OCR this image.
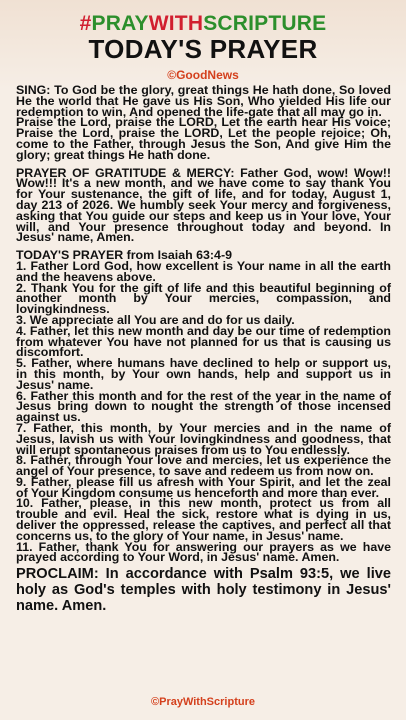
#PRAYWITHSCRIPTURE
TODAY'S PRAYER
©GoodNews

SING: To God be the glory, great things He hath done, So loved He the world that He gave us His Son, Who yielded His life our redemption to win, And opened the life-gate that all may go in.

Praise the Lord, praise the LORD, Let the earth hear His voice; Praise the Lord, praise the LORD, Let the people rejoice; Oh, come to the Father, through Jesus the Son, And give Him the glory; great things He hath done.

PRAYER OF GRATITUDE & MERCY: Father God, wow! Wow!! Wow!!! It's a new month, and we have come to say thank You for Your sustenance, the gift of life, and for today, August 1, day 213 of 2026. We humbly seek Your mercy and forgiveness, asking that You guide our steps and keep us in Your love, Your will, and Your presence throughout today and beyond. In Jesus' name, Amen.

TODAY'S PRAYER from Isaiah 63:4-9

1. Father Lord God, how excellent is Your name in all the earth and the heavens above.

2. Thank You for the gift of life and this beautiful beginning of another month by Your mercies, compassion, and lovingkindness.

3. We appreciate all You are and do for us daily.

4. Father, let this new month and day be our time of redemption from whatever You have not planned for us that is causing us discomfort.

5. Father, where humans have declined to help or support us, in this month, by Your own hands, help and support us in Jesus' name.

6. Father this month and for the rest of the year in the name of Jesus bring down to nought the strength of those incensed against us.

7. Father, this month, by Your mercies and in the name of Jesus, lavish us with Your lovingkindness and goodness, that will erupt spontaneous praises from us to You endlessly.

8. Father, through Your love and mercies, let us experience the angel of Your presence, to save and redeem us from now on.

9. Father, please fill us afresh with Your Spirit, and let the zeal of Your Kingdom consume us henceforth and more than ever.

10. Father, please, in this new month, protect us from all trouble and evil. Heal the sick, restore what is dying in us, deliver the oppressed, release the captives, and perfect all that concerns us, to the glory of Your name, in Jesus' name.

11. Father, thank You for answering our prayers as we have prayed according to Your Word, in Jesus' name. Amen.

PROCLAIM: In accordance with Psalm 93:5, we live holy as God's temples with holy testimony in Jesus' name. Amen.

©PrayWithScripture
